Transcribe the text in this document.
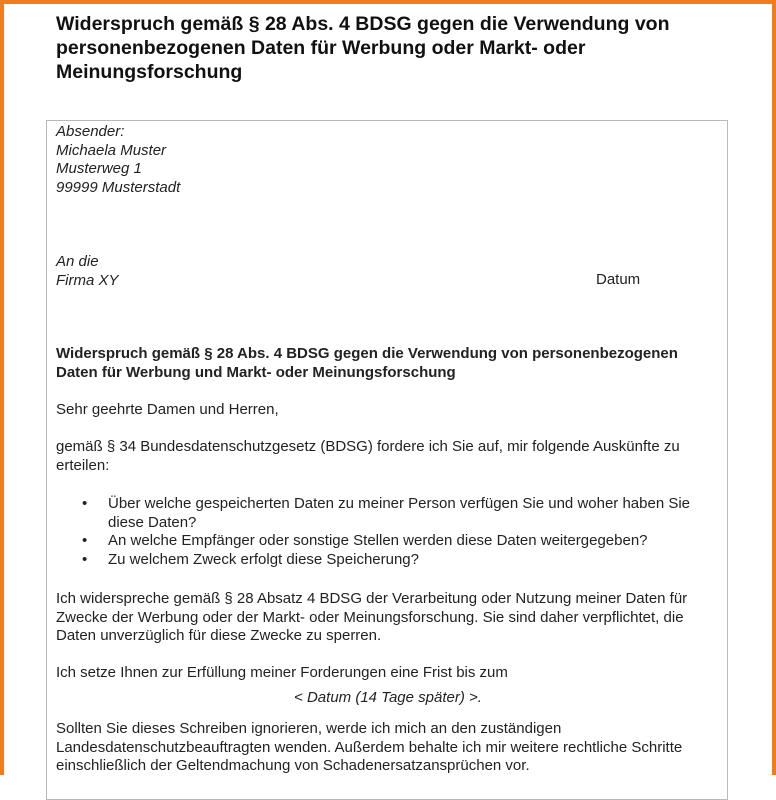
Widerspruch gemäß § 28 Abs. 4 BDSG gegen die Verwendung von personenbezogenen Daten für Werbung oder Markt- oder Meinungsforschung
Absender:
Michaela Muster
Musterweg 1
99999 Musterstadt
An die
Firma XY	Datum
Widerspruch gemäß § 28 Abs. 4 BDSG gegen die Verwendung von personenbezogenen Daten für Werbung und Markt- oder Meinungsforschung
Sehr geehrte Damen und Herren,
gemäß § 34 Bundesdatenschutzgesetz (BDSG) fordere ich Sie auf, mir folgende Auskünfte zu erteilen:
• Über welche gespeicherten Daten zu meiner Person verfügen Sie und woher haben Sie diese Daten?
• An welche Empfänger oder sonstige Stellen werden diese Daten weitergegeben?
• Zu welchem Zweck erfolgt diese Speicherung?
Ich widerspreche gemäß § 28 Absatz 4 BDSG der Verarbeitung oder Nutzung meiner Daten für Zwecke der Werbung oder der Markt- oder Meinungsforschung. Sie sind daher verpflichtet, die Daten unverzüglich für diese Zwecke zu sperren.
Ich setze Ihnen zur Erfüllung meiner Forderungen eine Frist bis zum
< Datum (14 Tage später) >.
Sollten Sie dieses Schreiben ignorieren, werde ich mich an den zuständigen Landesdatenschutzbeauftragten wenden. Außerdem behalte ich mir weitere rechtliche Schritte einschließlich der Geltendmachung von Schadenersatzansprüchen vor.
